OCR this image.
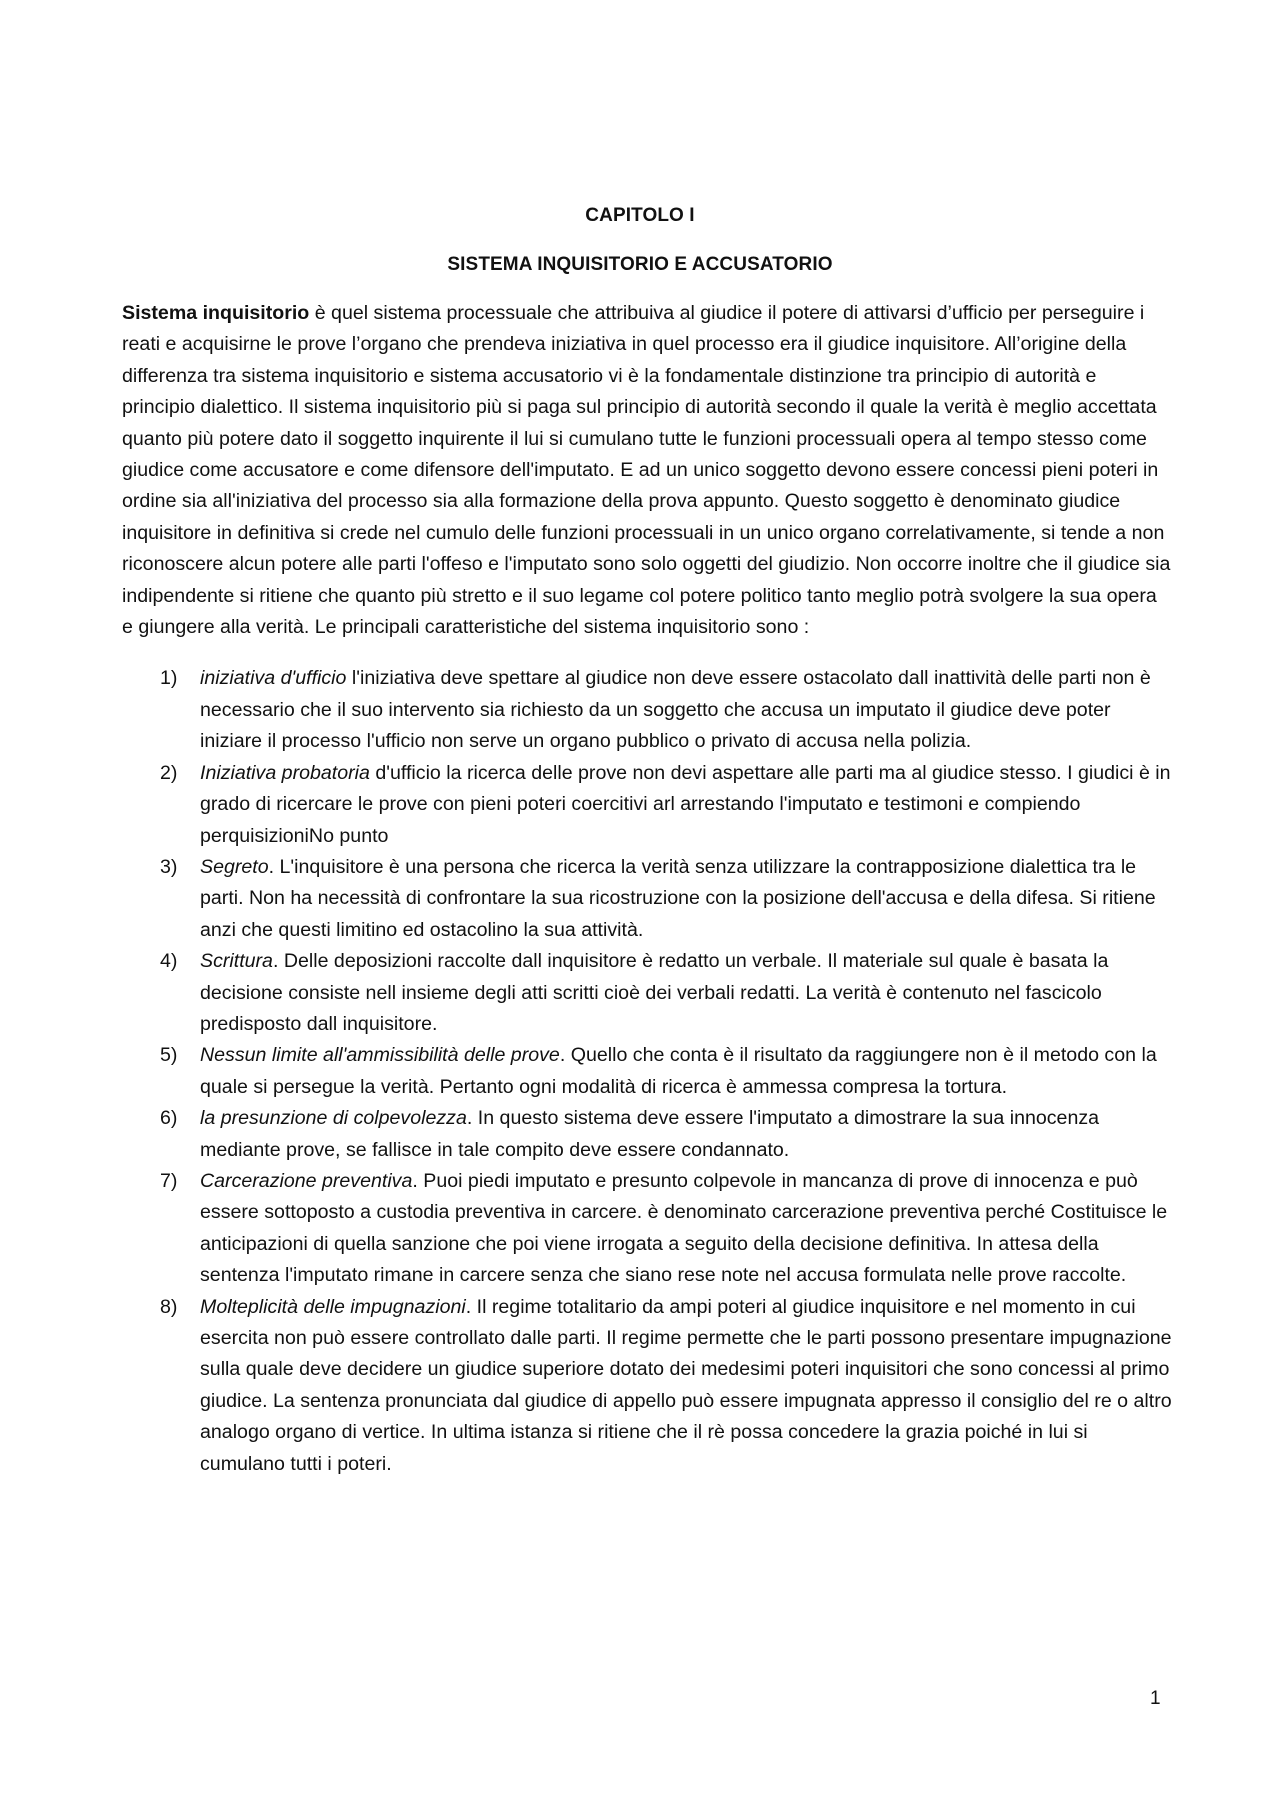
CAPITOLO I
SISTEMA INQUISITORIO E ACCUSATORIO

Sistema inquisitorio è quel sistema processuale che attribuiva al giudice il potere di attivarsi d’ufficio per perseguire i reati e acquisirne le prove l’organo che prendeva iniziativa in quel processo era il giudice inquisitore. All’origine della differenza tra sistema inquisitorio e sistema accusatorio vi è la fondamentale distinzione tra principio di autorità e principio dialettico. Il sistema inquisitorio più si paga sul principio di autorità secondo il quale la verità è meglio accettata quanto più potere dato il soggetto inquirente il lui si cumulano tutte le funzioni processuali opera al tempo stesso come giudice come accusatore e come difensore dell'imputato. E ad un unico soggetto devono essere concessi pieni poteri in ordine sia all'iniziativa del processo sia alla formazione della prova appunto. Questo soggetto è denominato giudice inquisitore in definitiva si crede nel cumulo delle funzioni processuali in un unico organo correlativamente, si tende a non riconoscere alcun potere alle parti l'offeso e l'imputato sono solo oggetti del giudizio. Non occorre inoltre che il giudice sia indipendente si ritiene che quanto più stretto e il suo legame col potere politico tanto meglio potrà svolgere la sua opera e giungere alla verità. Le principali caratteristiche del sistema inquisitorio sono :

1) iniziativa d'ufficio l'iniziativa deve spettare al giudice non deve essere ostacolato dall inattività delle parti non è necessario che il suo intervento sia richiesto da un soggetto che accusa un imputato il giudice deve poter iniziare il processo l'ufficio non serve un organo pubblico o privato di accusa nella polizia.
2) Iniziativa probatoria d'ufficio la ricerca delle prove non devi aspettare alle parti ma al giudice stesso. I giudici è in grado di ricercare le prove con pieni poteri coercitivi arl arrestando l'imputato e testimoni e compiendo perquisizioniNo punto
3) Segreto. L'inquisitore è una persona che ricerca la verità senza utilizzare la contrapposizione dialettica tra le parti. Non ha necessità di confrontare la sua ricostruzione con la posizione dell'accusa e della difesa. Si ritiene anzi che questi limitino ed ostacolino la sua attività.
4) Scrittura. Delle deposizioni raccolte dall inquisitore è redatto un verbale. Il materiale sul quale è basata la decisione consiste nell insieme degli atti scritti cioè dei verbali redatti. La verità è contenuto nel fascicolo predisposto dall inquisitore.
5) Nessun limite all'ammissibilità delle prove. Quello che conta è il risultato da raggiungere non è il metodo con la quale si persegue la verità. Pertanto ogni modalità di ricerca è ammessa compresa la tortura.
6) la presunzione di colpevolezza. In questo sistema deve essere l'imputato a dimostrare la sua innocenza mediante prove, se fallisce in tale compito deve essere condannato.
7) Carcerazione preventiva. Puoi piedi imputato e presunto colpevole in mancanza di prove di innocenza e può essere sottoposto a custodia preventiva in carcere. è denominato carcerazione preventiva perché Costituisce le anticipazioni di quella sanzione che poi viene irrogata a seguito della decisione definitiva. In attesa della sentenza l'imputato rimane in carcere senza che siano rese note nel accusa formulata nelle prove raccolte.
8) Molteplicità delle impugnazioni. Il regime totalitario da ampi poteri al giudice inquisitore e nel momento in cui esercita non può essere controllato dalle parti. Il regime permette che le parti possono presentare impugnazione sulla quale deve decidere un giudice superiore dotato dei medesimi poteri inquisitori che sono concessi al primo giudice. La sentenza pronunciata dal giudice di appello può essere impugnata appresso il consiglio del re o altro analogo organo di vertice. In ultima istanza si ritiene che il rè possa concedere la grazia poiché in lui si cumulano tutti i poteri.
1
